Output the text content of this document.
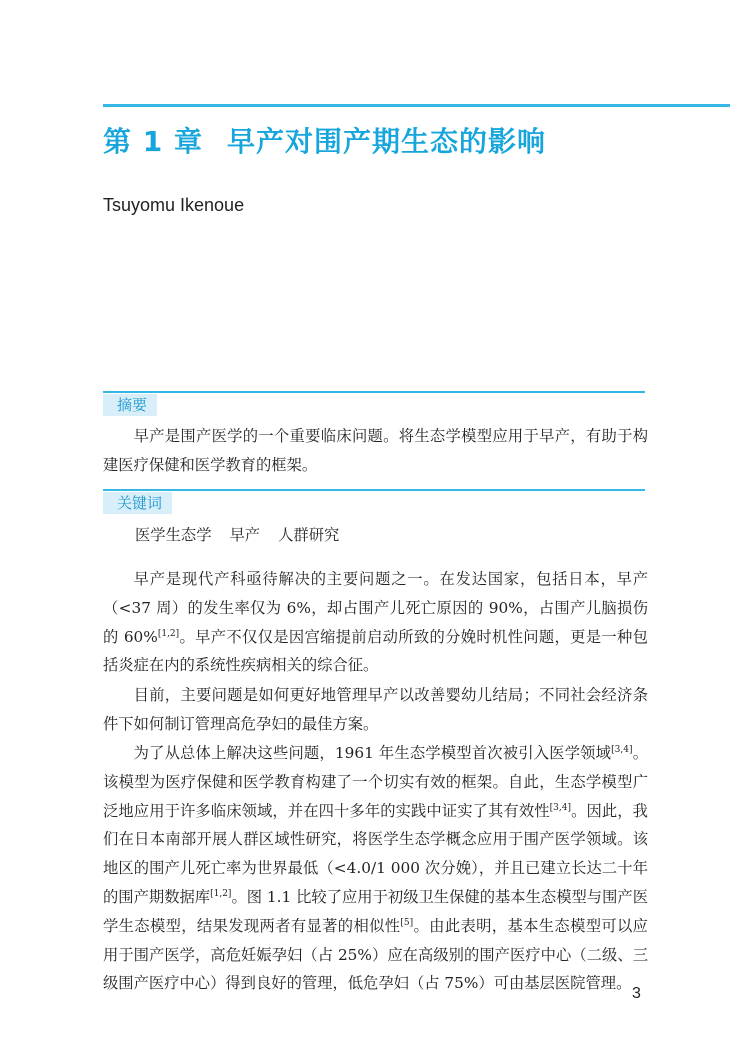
第 1 章 早产对围产期生态的影响
Tsuyomu Ikenoue
摘要

早产是围产医学的一个重要临床问题。将生态学模型应用于早产，有助于构建医疗保健和医学教育的框架。

关键词
医学生态学 早产 人群研究

早产是现代产科亟待解决的主要问题之一。在发达国家，包括日本，早产（<37 周）的发生率仅为 6%，却占围产儿死亡原因的 90%，占围产儿脑损伤的 60%[1,2]。早产不仅仅是因宫缩提前启动所致的分娩时机性问题，更是一种包括炎症在内的系统性疾病相关的综合征。

目前，主要问题是如何更好地管理早产以改善婴幼儿结局；不同社会经济条件下如何制订管理高危孕妇的最佳方案。

为了从总体上解决这些问题，1961 年生态学模型首次被引入医学领域[3,4]。该模型为医疗保健和医学教育构建了一个切实有效的框架。自此，生态学模型广泛地应用于许多临床领域，并在四十多年的实践中证实了其有效性[3,4]。因此，我们在日本南部开展人群区域性研究，将医学生态学概念应用于围产医学领域。该地区的围产儿死亡率为世界最低（<4.0/1 000 次分娩），并且已建立长达二十年的围产期数据库[1,2]。图 1.1 比较了应用于初级卫生保健的基本生态模型与围产医学生态模型，结果发现两者有显著的相似性[5]。由此表明，基本生态模型可以应用于围产医学，高危妊娠孕妇（占 25%）应在高级别的围产医疗中心（二级、三级围产医疗中心）得到良好的管理，低危孕妇（占 75%）可由基层医院管理。

3
